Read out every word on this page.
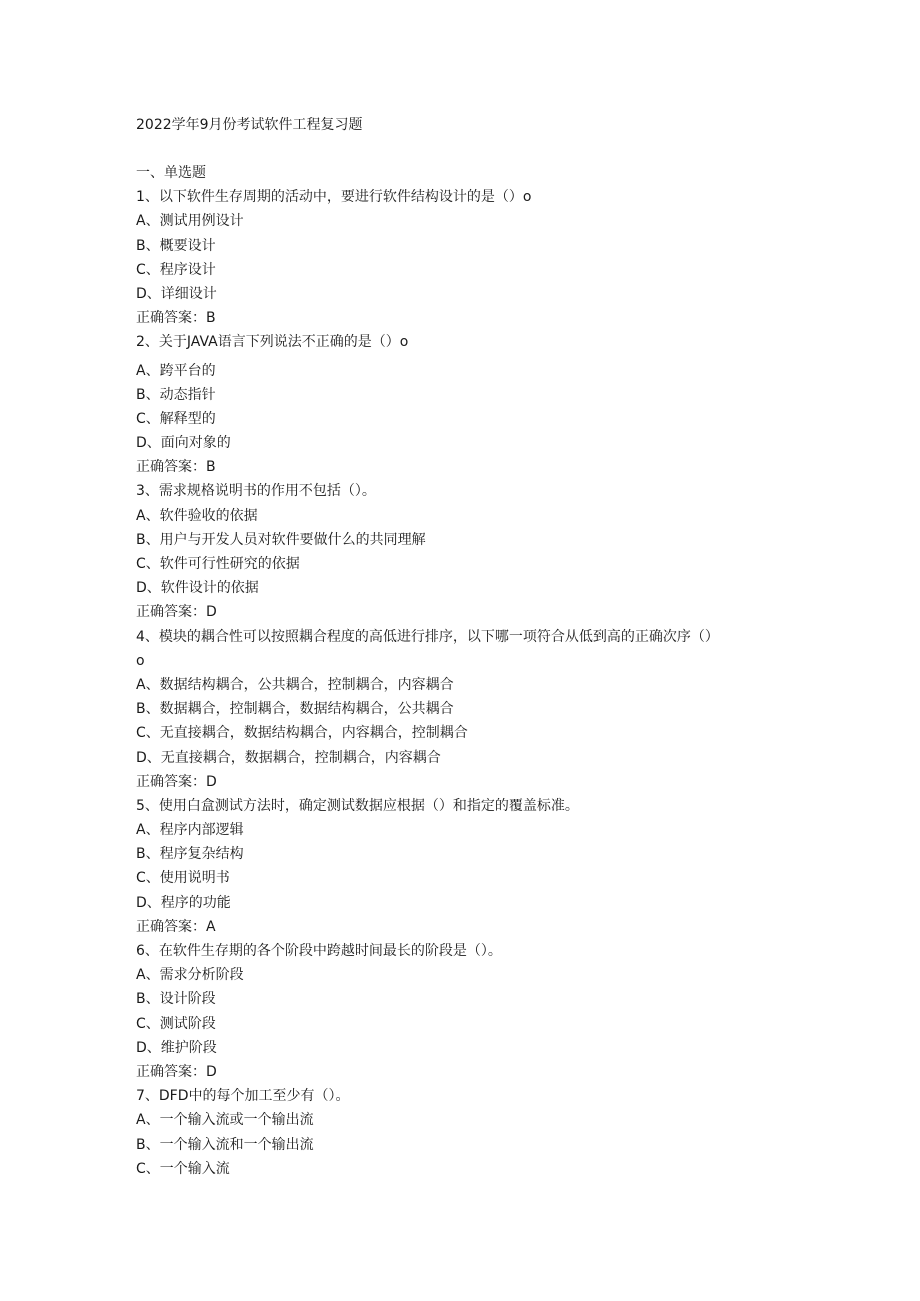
2022学年9月份考试软件工程复习题
一、单选题
1、以下软件生存周期的活动中，要进行软件结构设计的是（）o
A、测试用例设计
B、概要设计
C、程序设计
D、详细设计
正确答案：B
2、关于JAVA语言下列说法不正确的是（）o
A、跨平台的
B、动态指针
C、解释型的
D、面向对象的
正确答案：B
3、需求规格说明书的作用不包括（）。
A、软件验收的依据
B、用户与开发人员对软件要做什么的共同理解
C、软件可行性研究的依据
D、软件设计的依据
正确答案：D
4、模块的耦合性可以按照耦合程度的高低进行排序，以下哪一项符合从低到高的正确次序（）
o
A、数据结构耦合，公共耦合，控制耦合，内容耦合
B、数据耦合，控制耦合，数据结构耦合，公共耦合
C、无直接耦合，数据结构耦合，内容耦合，控制耦合
D、无直接耦合，数据耦合，控制耦合，内容耦合
正确答案：D
5、使用白盒测试方法时，确定测试数据应根据（）和指定的覆盖标准。
A、程序内部逻辑
B、程序复杂结构
C、使用说明书
D、程序的功能
正确答案：A
6、在软件生存期的各个阶段中跨越时间最长的阶段是（）。
A、需求分析阶段
B、设计阶段
C、测试阶段
D、维护阶段
正确答案：D
7、DFD中的每个加工至少有（）。
A、一个输入流或一个输出流
B、一个输入流和一个输出流
C、一个输入流
